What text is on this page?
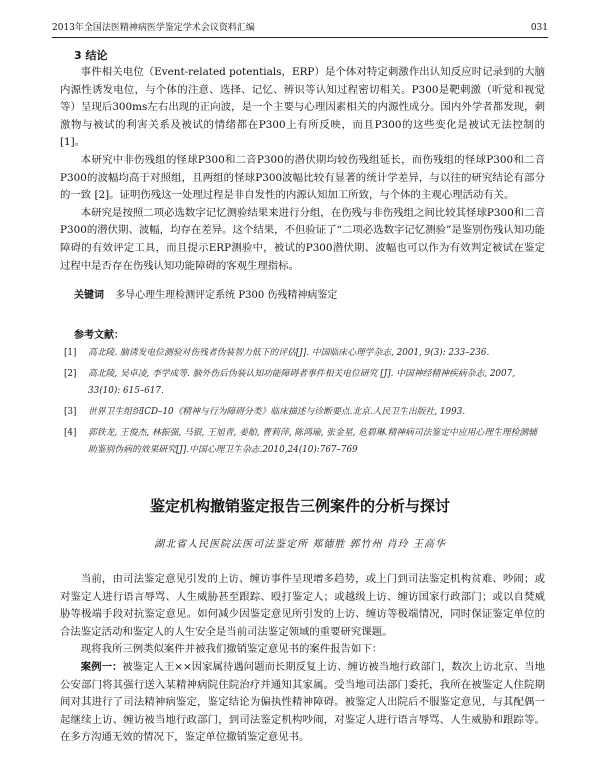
2013年全国法医精神病医学鉴定学术会议资料汇编	031
3 结论

事件相关电位（Event-related potentials，ERP）是个体对特定刺激作出认知反应时记录到的大脑内源性诱发电位，与个体的注意、选择、记忆、辨识等认知过程密切相关。P300是靶刺激（听觉和视觉等）呈现后300ms左右出现的正向波，是一个主要与心理因素相关的内源性成分。国内外学者都发现，刺激物与被试的利害关系及被试的情绪都在P300上有所反映，而且P300的这些变化是被试无法控制的 [1]。

本研究中非伤残组的怪球P300和二音P300的潜伏期均较伤残组延长，而伤残组的怪球P300和二音P300的波幅均高于对照组，且两组的怪球P300波幅比较有显著的统计学差异，与以往的研究结论有部分的一致 [2]。证明伤残这一处理过程是非自发性的内源认知加工所致，与个体的主观心理活动有关。

本研究是按照二项必选数字记忆测验结果来进行分组，在伤残与非伤残组之间比较其怪球P300和二音P300的潜伏期、波幅，均存在差异。这个结果，不但验证了“二项必选数字记忆测验”是鉴别伤残认知功能障碍的有效评定工具，而且提示ERP测验中，被试的P300潜伏期、波幅也可以作为有效判定被试在鉴定过程中是否存在伤残认知功能障碍的客观生理指标。

关键词 多导心理生理检测评定系统 P300 伤残精神病鉴定
参考文献：
[1]	高北陵. 脑诱发电位测验对伤残者伪装智力低下的评估[J]. 中国临床心理学杂志, 2001, 9(3): 233–236.
[2]	高北陵, 吴卓凌, 李学成等. 脑外伤后伪装认知功能障碍者事件相关电位研究 [J]. 中国神经精神疾病杂志, 2007, 33(10): 615–617.
[3]	世界卫生组织ICD–10《精神与行为障碍分类》临床描述与诊断要点.北京.人民卫生出版社, 1993.
[4]	郭铁龙, 王俊杰, 林振强, 马银, 王旭青, 姜舶, 曹莉萍, 陈鸿瑜, 张金星, 危碧琳.精神病司法鉴定中应用心理生理检测辅助鉴别伪病的效果研究[J].中国心理卫生杂志.2010,24(10):767–769
鉴定机构撤销鉴定报告三例案件的分析与探讨
湖北省人民医院法医司法鉴定所 郑德胜 郭竹州 肖玲 王高华

当前，由司法鉴定意见引发的上访、缠访事件呈现增多趋势，或上门到司法鉴定机构贫难、吵闹；或对鉴定人进行语言辱骂、人生威胁甚至跟踪、殴打鉴定人；或越级上访、缠访国家行政部门；或以自焚威胁等极端手段对抗鉴定意见。如何减少因鉴定意见所引发的上访、缠访等极端情况，同时保证鉴定单位的合法鉴定活动和鉴定人的人生安全是当前司法鉴定领域的重要研究课题。

现将我所三例类似案件并被我们撤销鉴定意见书的案件报告如下：

案例一：被鉴定人王××因家属待遇问题而长期反复上访、缠访被当地行政部门，数次上访北京、当地公安部门将其强行送入某精神病院住院治疗并通知其家属。受当地司法部门委托，我所在被鉴定人住院期间对其进行了司法精神病鉴定，鉴定结论为偏执性精神障碍。被鉴定人出院后不服鉴定意见，与其配偶一起继续上访、缠访被当地行政部门，到司法鉴定机构吵闹，对鉴定人进行语言辱骂、人生威胁和跟踪等。在多方沟通无效的情况下，鉴定单位撤销鉴定意见书。
